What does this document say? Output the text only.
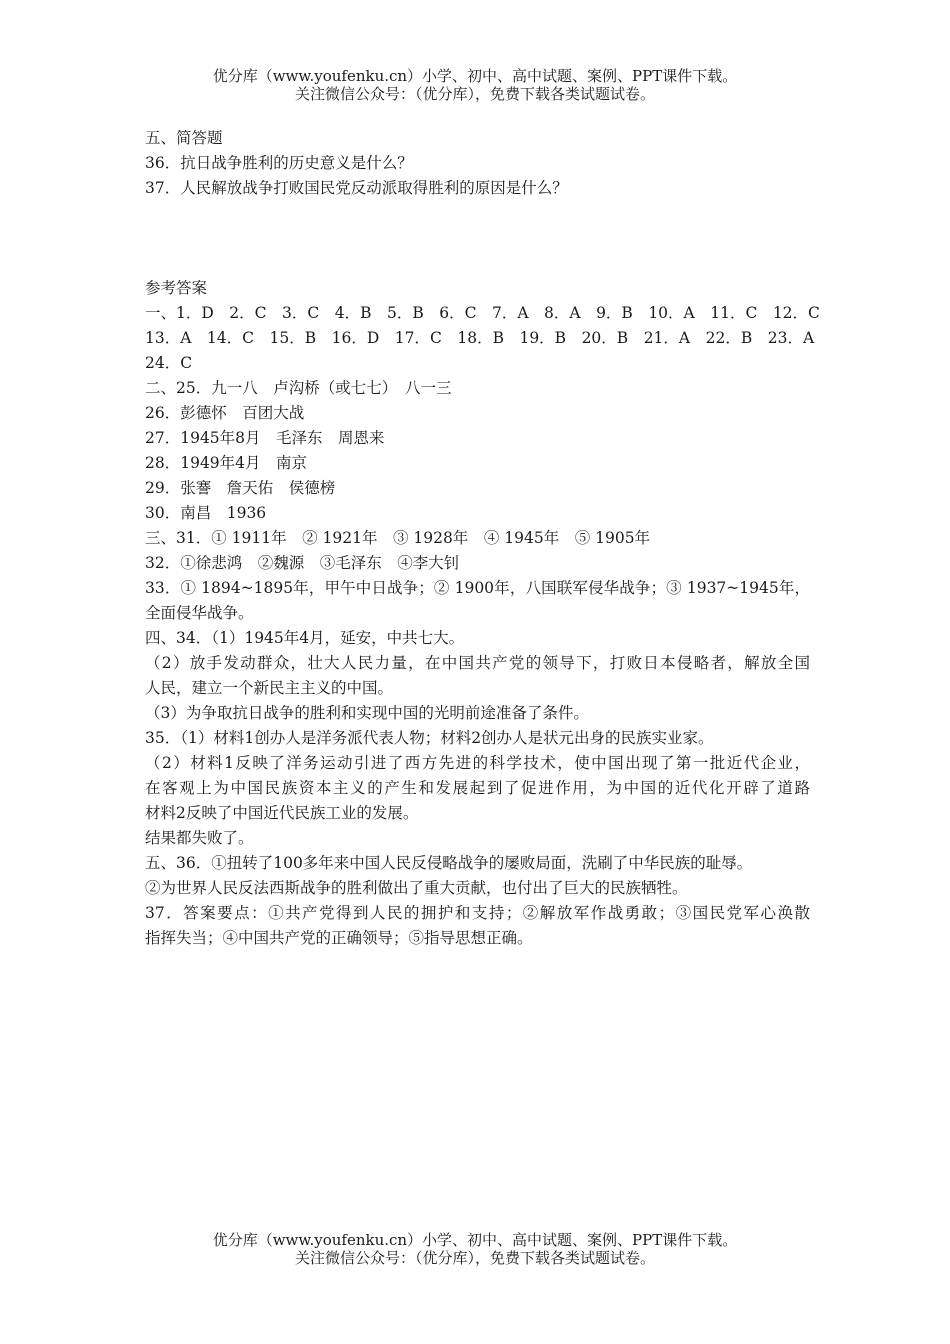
优分库（www.youfenku.cn）小学、初中、高中试题、案例、PPT课件下载。
关注微信公众号：（优分库），免费下载各类试题试卷。
五、简答题
36．抗日战争胜利的历史意义是什么？
37．人民解放战争打败国民党反动派取得胜利的原因是什么？
参考答案
一、1．D　2．C　3．C　4．B　5．B　6．C　7．A　8．A　9．B　10．A　11．C　12．C
13．A　14．C　15．B　16．D　17．C　18．B　19．B　20．B　21．A　22．B　23．A
24．C
二、25．九一八　卢沟桥（或七七）　八一三
26．彭德怀　百团大战
27．1945年8月　毛泽东　周恩来
28．1949年4月　南京
29．张謇　詹天佑　侯德榜
30．南昌　1936
三、31．① 1911年　② 1921年　③ 1928年　④ 1945年　⑤ 1905年
32．①徐悲鸿　②魏源　③毛泽东　④李大钊
33．① 1894~1895年，甲午中日战争；② 1900年，八国联军侵华战争；③ 1937~1945年，
全面侵华战争。
四、34．（1）1945年4月，延安，中共七大。
（2）放手发动群众，壮大人民力量，在中国共产党的领导下，打败日本侵略者，解放全国
人民，建立一个新民主主义的中国。
（3）为争取抗日战争的胜利和实现中国的光明前途准备了条件。
35．（1）材料1创办人是洋务派代表人物；材料2创办人是状元出身的民族实业家。
（2）材料1反映了洋务运动引进了西方先进的科学技术，使中国出现了第一批近代企业，
在客观上为中国民族资本主义的产生和发展起到了促进作用，为中国的近代化开辟了道路
材料2反映了中国近代民族工业的发展。
结果都失败了。
五、36．①扭转了100多年来中国人民反侵略战争的屡败局面，洗刷了中华民族的耻辱。
②为世界人民反法西斯战争的胜利做出了重大贡献，也付出了巨大的民族牺牲。
37．答案要点：①共产党得到人民的拥护和支持；②解放军作战勇敢；③国民党军心涣散
指挥失当；④中国共产党的正确领导；⑤指导思想正确。
优分库（www.youfenku.cn）小学、初中、高中试题、案例、PPT课件下载。
关注微信公众号：（优分库），免费下载各类试题试卷。
